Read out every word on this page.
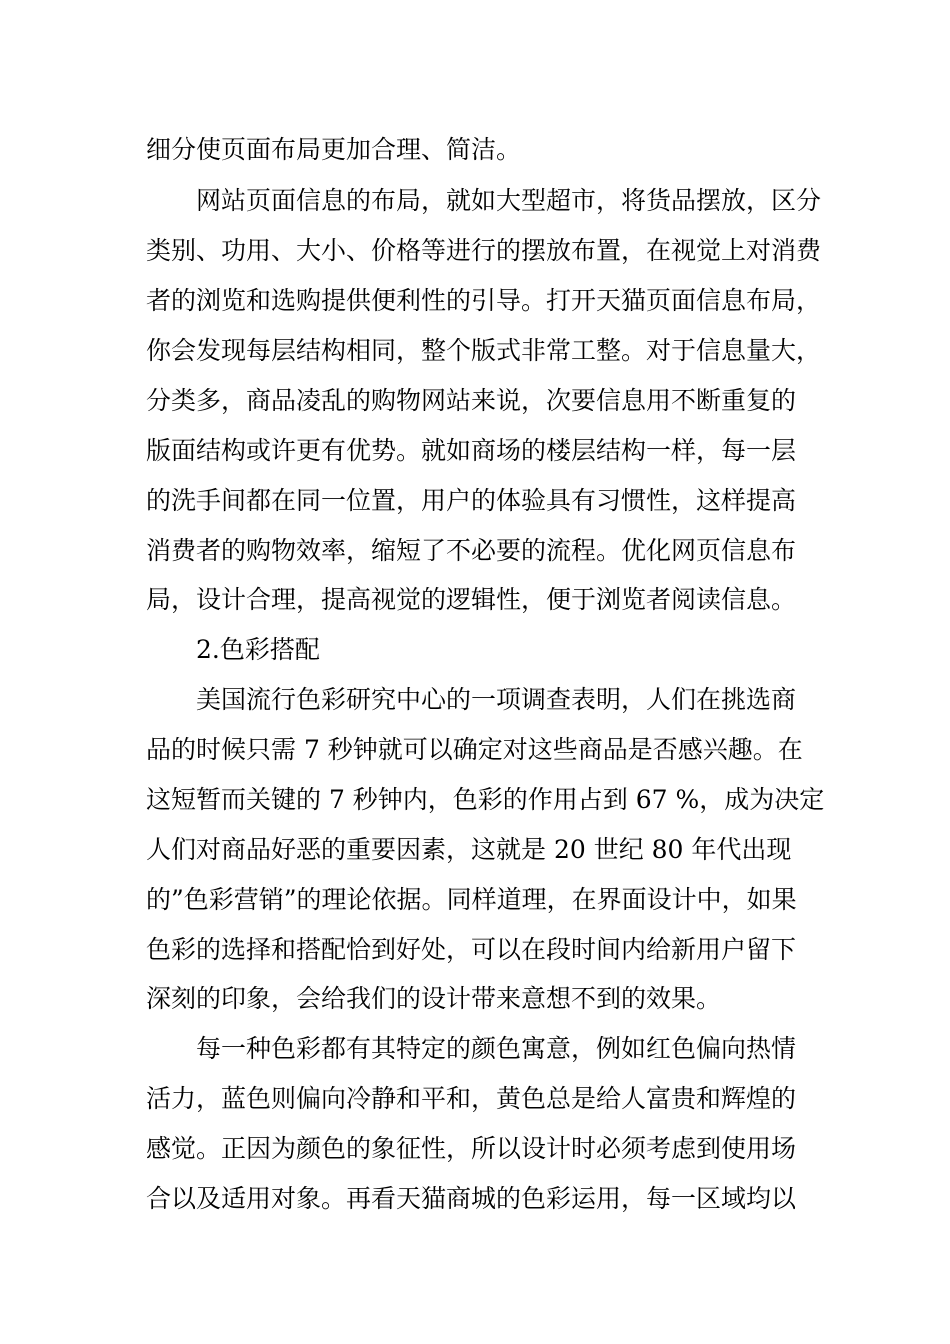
细分使页面布局更加合理、简洁。
网站页面信息的布局，就如大型超市，将货品摆放，区分
类别、功用、大小、价格等进行的摆放布置，在视觉上对消费
者的浏览和选购提供便利性的引导。打开天猫页面信息布局，
你会发现每层结构相同，整个版式非常工整。对于信息量大，
分类多，商品凌乱的购物网站来说，次要信息用不断重复的
版面结构或许更有优势。就如商场的楼层结构一样，每一层
的洗手间都在同一位置，用户的体验具有习惯性，这样提高
消费者的购物效率，缩短了不必要的流程。优化网页信息布
局，设计合理，提高视觉的逻辑性，便于浏览者阅读信息。
2.色彩搭配
美国流行色彩研究中心的一项调查表明，人们在挑选商
品的时候只需 7 秒钟就可以确定对这些商品是否感兴趣。在
这短暂而关键的 7 秒钟内，色彩的作用占到 67 %，成为决定
人们对商品好恶的重要因素，这就是 20 世纪 80 年代出现
的”色彩营销”的理论依据。同样道理，在界面设计中，如果
色彩的选择和搭配恰到好处，可以在段时间内给新用户留下
深刻的印象，会给我们的设计带来意想不到的效果。
每一种色彩都有其特定的颜色寓意，例如红色偏向热情
活力，蓝色则偏向冷静和平和，黄色总是给人富贵和辉煌的
感觉。正因为颜色的象征性，所以设计时必须考虑到使用场
合以及适用对象。再看天猫商城的色彩运用，每一区域均以
